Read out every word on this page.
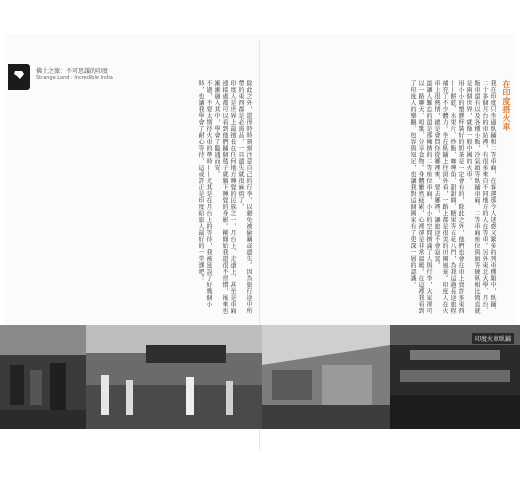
佛土之旅：不可思議的印度
Strange Land : Incredible India

在印度搭火車

我在印度只坐過臥鋪和二等車廂，在客運那令人迷惑又繁多的列車種類中，臥鋪、二十多個月台的車站裡，有很多來自不同地方的人在等車。另外東北大學、月台、販車還有以及各種小販，冷氣頭等臥鋪車廂、二等車廂座位與頭等硬臥相比簡直就是兩個世界，就像一般中國的火車。

用小小的塑膠杯裝好的奶茶是一定會有的，除此之外，他們也會在車上賣許多東西——餅乾、水果片、炒飯、咖哩角、甜甜圈、糖果等五花八門，為我這趟長途旅程補充了不少體力。坐在臥鋪上往窗外看，一路上都是很美的田園風景。印度人在火車上很熱情，總是會問你從哪裡來、要去哪裡，讓旅途不會寂寞。

最讓人難忘的還是那擁擠的二等座位車廂，小小的空間擠滿了人與行李，大家卻可以一路聊天、唱歌、分享食物。身體雖然疲累，心裡卻是非常溫暖。在這裡我看到了印度人的樂觀、包容與知足，也讓我對這個國家有了更深一層的認識。

除此之外，還得時時刻刻注意自己的行李，以避免被偷竊或遺失。因為旅行途中所帶的東西都是必需品，一旦遺失就很麻煩了。

印度人是世界上最擅長在任何地方睡覺的民族之一，月台上、走道上、甚至是車廂連接處都可以看到他們鋪個毯子就躺下睡覺的身影。剛開始我還很不習慣，後來也漸漸融入其中，學會了隨遇而安。

不過，不要太期待火車的準時——尤其是在月台上的等待，我被延誤了好幾個小時，也讓我學會了耐心等待，這或許正是印度給旅人最好的一堂課吧！

印度火車臥鋪
